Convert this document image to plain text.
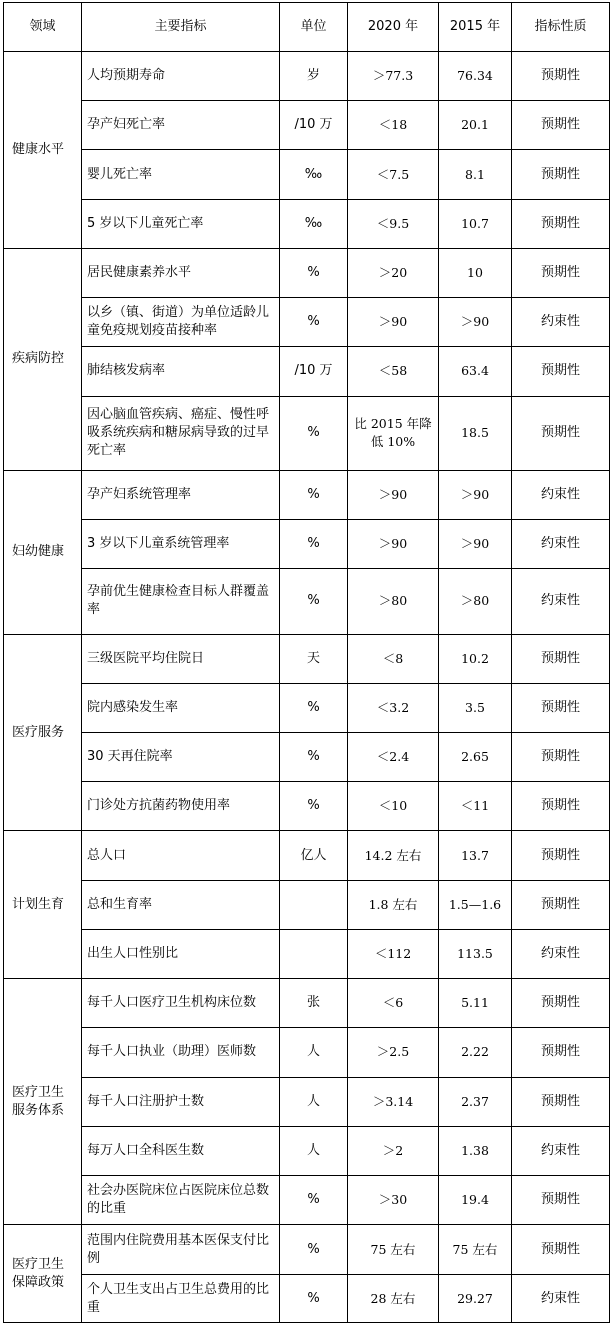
领域	主要指标	单位	2020 年	2015 年	指标性质
健康水平	人均预期寿命	岁	＞77.3	76.34	预期性
	孕产妇死亡率	/10 万	＜18	20.1	预期性
	婴儿死亡率	‰	＜7.5	8.1	预期性
	5 岁以下儿童死亡率	‰	＜9.5	10.7	预期性
疾病防控	居民健康素养水平	%	＞20	10	预期性
	以乡（镇、街道）为单位适龄儿童免疫规划疫苗接种率	%	＞90	＞90	约束性
	肺结核发病率	/10 万	＜58	63.4	预期性
	因心脑血管疾病、癌症、慢性呼吸系统疾病和糖尿病导致的过早死亡率	%	比 2015 年降低 10%	18.5	预期性
妇幼健康	孕产妇系统管理率	%	＞90	＞90	约束性
	3 岁以下儿童系统管理率	%	＞90	＞90	约束性
	孕前优生健康检查目标人群覆盖率	%	＞80	＞80	约束性
医疗服务	三级医院平均住院日	天	＜8	10.2	预期性
	院内感染发生率	%	＜3.2	3.5	预期性
	30 天再住院率	%	＜2.4	2.65	预期性
	门诊处方抗菌药物使用率	%	＜10	＜11	预期性
计划生育	总人口	亿人	14.2 左右	13.7	预期性
	总和生育率		1.8 左右	1.5—1.6	预期性
	出生人口性别比		＜112	113.5	约束性
医疗卫生服务体系	每千人口医疗卫生机构床位数	张	＜6	5.11	预期性
	每千人口执业（助理）医师数	人	＞2.5	2.22	预期性
	每千人口注册护士数	人	＞3.14	2.37	预期性
	每万人口全科医生数	人	＞2	1.38	约束性
	社会办医院床位占医院床位总数的比重	%	＞30	19.4	预期性
医疗卫生保障政策	范围内住院费用基本医保支付比例	%	75 左右	75 左右	预期性
	个人卫生支出占卫生总费用的比重	%	28 左右	29.27	约束性
